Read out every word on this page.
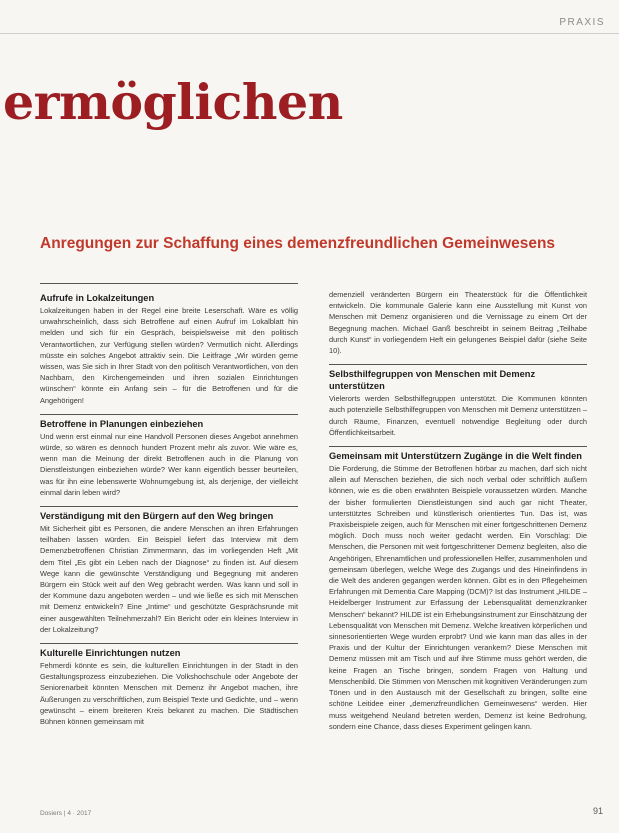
PRAXIS
ermöglichen
Anregungen zur Schaffung eines demenzfreundlichen Gemeinwesens
Aufrufe in Lokalzeitungen

Lokalzeitungen haben in der Regel eine breite Leserschaft. Wäre es völlig unwahrscheinlich, dass sich Betroffene auf einen Aufruf im Lokalblatt hin melden und sich für ein Gespräch, beispielsweise mit den politisch Verantwortlichen, zur Verfügung stellen würden? Vermutlich nicht. Allerdings müsste ein solches Angebot attraktiv sein. Die Leitfrage „Wir würden gerne wissen, was Sie sich in Ihrer Stadt von den politisch Verantwortlichen, von den Nachbarn, den Kirchengemeinden und ihren sozialen Einrichtungen wünschen“ könnte ein Anfang sein – für die Betroffenen und für die Angehörigen!

Betroffene in Planungen einbeziehen

Und wenn erst einmal nur eine Handvoll Personen dieses Angebot annehmen würde, so wären es dennoch hundert Prozent mehr als zuvor. Wie wäre es, wenn man die Meinung der direkt Betroffenen auch in die Planung von Dienstleistungen einbeziehen würde? Wer kann eigentlich besser beurteilen, was für ihn eine lebenswerte Wohnumgebung ist, als derjenige, der vielleicht einmal darin leben wird?

Verständigung mit den Bürgern auf den Weg bringen

Mit Sicherheit gibt es Personen, die andere Menschen an ihren Erfahrungen teilhaben lassen würden. Ein Beispiel liefert das Interview mit dem Demenzbetroffenen Christian Zimmermann, das im vorliegenden Heft „Mit dem Titel „Es gibt ein Leben nach der Diagnose“ zu finden ist. Auf diesem Wege kann die gewünschte Verständigung und Begegnung mit anderen Bürgern ein Stück weit auf den Weg gebracht werden. Was kann und soll in der Kommune dazu angeboten werden – und wie ließe es sich mit Menschen mit Demenz entwickeln? Eine „Intime“ und geschützte Gesprächsrunde mit einer ausgewählten Teilnehmerzahl? Ein Bericht oder ein kleines Interview in der Lokalzeitung?

Kulturelle Einrichtungen nutzen

Fehmerdi könnte es sein, die kulturellen Einrichtungen in der Stadt in den Gestaltungsprozess einzubeziehen. Die Volkshochschule oder Angebote der Seniorenarbeit könnten Menschen mit Demenz ihr Angebot machen, ihre Äußerungen zu verschriftlichen, zum Beispiel Texte und Gedichte, und – wenn gewünscht – einem breiteren Kreis bekannt zu machen. Die Städtischen Bühnen können gemeinsam mit

demenziell veränderten Bürgern ein Theaterstück für die Öffentlichkeit entwickeln. Die kommunale Galerie kann eine Ausstellung mit Kunst von Menschen mit Demenz organisieren und die Vernissage zu einem Ort der Begegnung machen. Michael Ganß beschreibt in seinem Beitrag „Teilhabe durch Kunst“ in vorliegendem Heft ein gelungenes Beispiel dafür (siehe Seite 10).

Selbsthilfegruppen von Menschen mit Demenz unterstützen

Vielerorts werden Selbsthilfegruppen unterstützt. Die Kommunen könnten auch potenzielle Selbsthilfegruppen von Menschen mit Demenz unterstützen – durch Räume, Finanzen, eventuell notwendige Begleitung oder durch Öffentlichkeitsarbeit.

Gemeinsam mit Unterstützern Zugänge in die Welt finden

Die Forderung, die Stimme der Betroffenen hörbar zu machen, darf sich nicht allein auf Menschen beziehen, die sich noch verbal oder schriftlich äußern können, wie es die oben erwähnten Beispiele voraussetzen würden. Manche der bisher formulierten Dienstleistungen sind auch gar nicht Theater, unterstütztes Schreiben und künstlerisch orientiertes Tun. Das ist, was Praxisbeispiele zeigen, auch für Menschen mit einer fortgeschrittenen Demenz möglich. Doch muss noch weiter gedacht werden. Ein Vorschlag: Die Menschen, die Personen mit weit fortgeschrittener Demenz begleiten, also die Angehörigen, Ehrenamtlichen und professionellen Helfer, zusammenholen und gemeinsam überlegen, welche Wege des Zugangs und des Hineinfindens in die Welt des anderen gegangen werden können. Gibt es in den Pflegeheimen Erfahrungen mit Dementia Care Mapping (DCM)? Ist das Instrument „HILDE – Heidelberger Instrument zur Erfassung der Lebensqualität demenzkranker Menschen“ bekannt? HILDE ist ein Erhebungsinstrument zur Einschätzung der Lebensqualität von Menschen mit Demenz. Welche kreativen körperlichen und sinnesorientierten Wege wurden erprobt? Und wie kann man das alles in der Praxis und der Kultur der Einrichtungen verankern? Diese Menschen mit Demenz müssen mit am Tisch und auf ihre Stimme muss gehört werden, die keine Fragen an Tische bringen, sondern Fragen von Haltung und Menschenbild. Die Stimmen von Menschen mit kognitiven Veränderungen zum Tönen und in den Austausch mit der Gesellschaft zu bringen, sollte eine schöne Leitidee einer „demenzfreundlichen Gemeinwesens“ werden. Hier muss weitgehend Neuland betreten werden, Demenz ist keine Bedrohung, sondern eine Chance, dass dieses Experiment gelingen kann.

Dosiers | 4 · 2017	91
